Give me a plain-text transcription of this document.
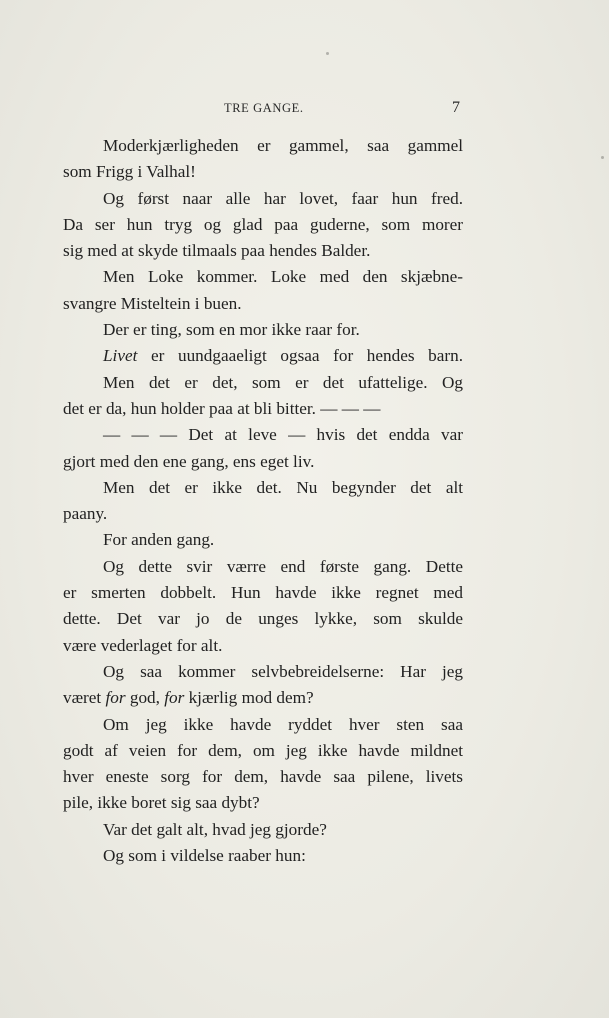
TRE GANGE.	7
Moderkjærligheden er gammel, saa gammel
som Frigg i Valhal!
Og først naar alle har lovet, faar hun fred.
Da ser hun tryg og glad paa guderne, som morer
sig med at skyde tilmaals paa hendes Balder.
Men Loke kommer. Loke med den skjæbne-
svangre Misteltein i buen.
Der er ting, som en mor ikke raar for.
Livet er uundgaaeligt ogsaa for hendes barn.
Men det er det, som er det ufattelige. Og
det er da, hun holder paa at bli bitter. — — —
— — — Det at leve — hvis det endda var
gjort med den ene gang, ens eget liv.
Men det er ikke det. Nu begynder det alt
paany.
For anden gang.
Og dette svir værre end første gang. Dette
er smerten dobbelt. Hun havde ikke regnet med
dette. Det var jo de unges lykke, som skulde
være vederlaget for alt.
Og saa kommer selvbebreidelserne: Har jeg
været for god, for kjærlig mod dem?
Om jeg ikke havde ryddet hver sten saa
godt af veien for dem, om jeg ikke havde mildnet
hver eneste sorg for dem, havde saa pilene, livets
pile, ikke boret sig saa dybt?
Var det galt alt, hvad jeg gjorde?
Og som i vildelse raaber hun:
